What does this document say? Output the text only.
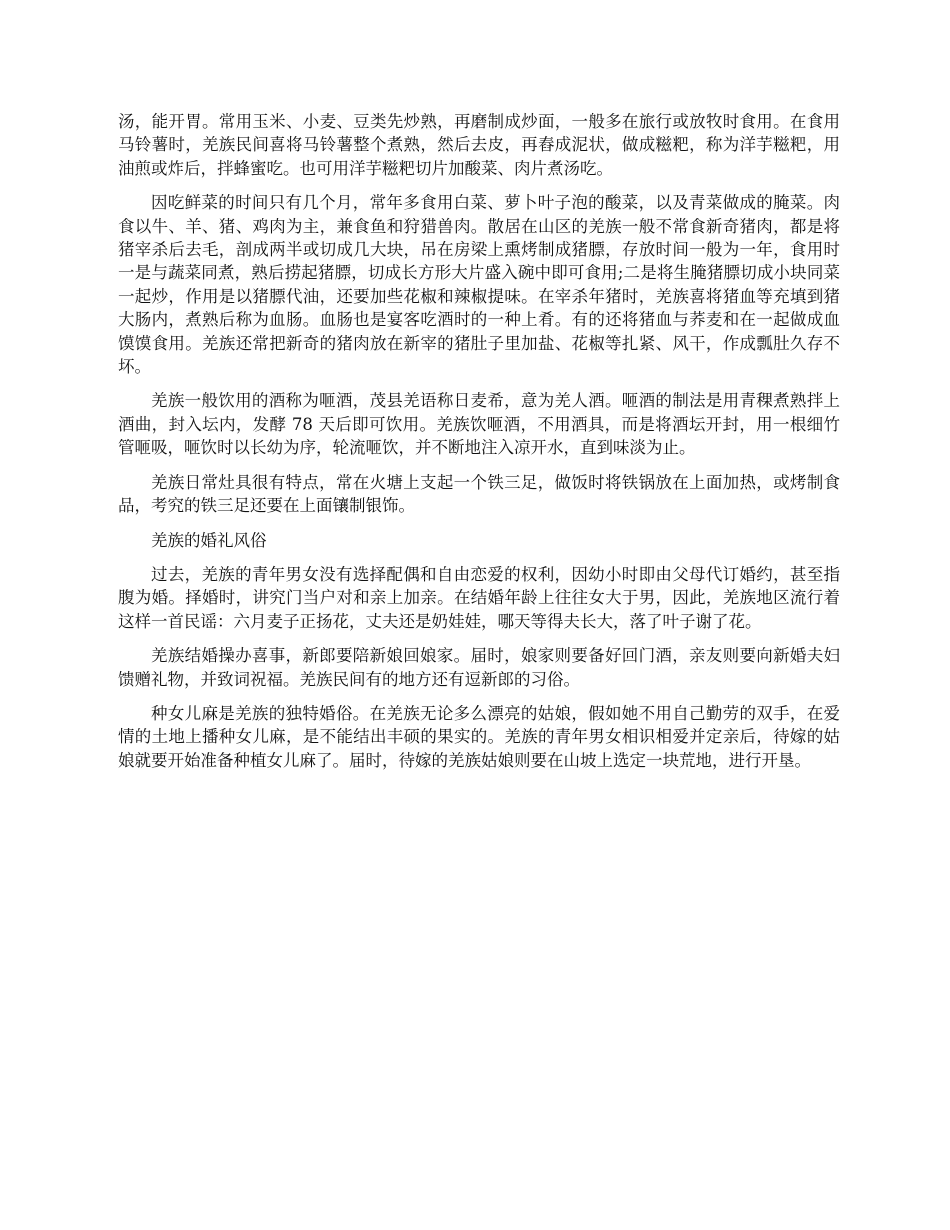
汤，能开胃。常用玉米、小麦、豆类先炒熟，再磨制成炒面，一般多在旅行或放牧时食用。在食用马铃薯时，羌族民间喜将马铃薯整个煮熟，然后去皮，再舂成泥状，做成糍粑，称为洋芋糍粑，用油煎或炸后，拌蜂蜜吃。也可用洋芋糍粑切片加酸菜、肉片煮汤吃。

因吃鲜菜的时间只有几个月，常年多食用白菜、萝卜叶子泡的酸菜，以及青菜做成的腌菜。肉食以牛、羊、猪、鸡肉为主，兼食鱼和狩猎兽肉。散居在山区的羌族一般不常食新奇猪肉，都是将猪宰杀后去毛，剖成两半或切成几大块，吊在房梁上熏烤制成猪膘，存放时间一般为一年，食用时一是与蔬菜同煮，熟后捞起猪膘，切成长方形大片盛入碗中即可食用;二是将生腌猪膘切成小块同菜一起炒，作用是以猪膘代油，还要加些花椒和辣椒提味。在宰杀年猪时，羌族喜将猪血等充填到猪大肠内，煮熟后称为血肠。血肠也是宴客吃酒时的一种上肴。有的还将猪血与荞麦和在一起做成血馍馍食用。羌族还常把新奇的猪肉放在新宰的猪肚子里加盐、花椒等扎紧、风干，作成瓢肚久存不坏。

羌族一般饮用的酒称为咂酒，茂县羌语称日麦希，意为羌人酒。咂酒的制法是用青稞煮熟拌上酒曲，封入坛内，发酵 78 天后即可饮用。羌族饮咂酒，不用酒具，而是将酒坛开封，用一根细竹管咂吸，咂饮时以长幼为序，轮流咂饮，并不断地注入凉开水，直到味淡为止。

羌族日常灶具很有特点，常在火塘上支起一个铁三足，做饭时将铁锅放在上面加热，或烤制食品，考究的铁三足还要在上面镶制银饰。

羌族的婚礼风俗

过去，羌族的青年男女没有选择配偶和自由恋爱的权利，因幼小时即由父母代订婚约，甚至指腹为婚。择婚时，讲究门当户对和亲上加亲。在结婚年龄上往往女大于男，因此，羌族地区流行着这样一首民谣：六月麦子正扬花，丈夫还是奶娃娃，哪天等得夫长大，落了叶子谢了花。

羌族结婚操办喜事，新郎要陪新娘回娘家。届时，娘家则要备好回门酒，亲友则要向新婚夫妇馈赠礼物，并致词祝福。羌族民间有的地方还有逗新郎的习俗。

种女儿麻是羌族的独特婚俗。在羌族无论多么漂亮的姑娘，假如她不用自己勤劳的双手，在爱情的土地上播种女儿麻，是不能结出丰硕的果实的。羌族的青年男女相识相爱并定亲后，待嫁的姑娘就要开始准备种植女儿麻了。届时，待嫁的羌族姑娘则要在山坡上选定一块荒地，进行开垦。
